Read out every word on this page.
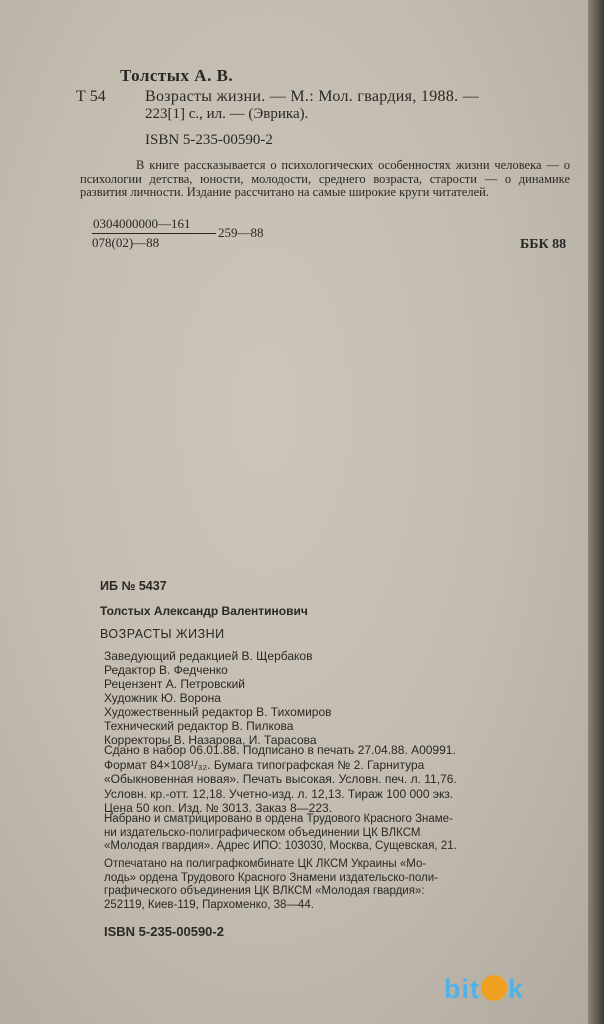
Толстых А. В.
Т 54 Возрасты жизни. — М.: Мол. гвардия, 1988. —
223[1] с., ил. — (Эврика).
ISBN 5-235-00590-2

В книге рассказывается о психологических особенностях жизни человека — о психологии детства, юности, молодости, среднего возраста, старости — о динамике развития личности. Издание рассчитано на самые широкие круги читателей.

0304000000—161
078(02)—88
259—88
ББК 88
ИБ № 5437
Толстых Александр Валентинович
ВОЗРАСТЫ ЖИЗНИ
Заведующий редакцией В. Щербаков
Редактор В. Федченко
Рецензент А. Петровский
Художник Ю. Ворона
Художественный редактор В. Тихомиров
Технический редактор В. Пилкова
Корректоры В. Назарова, И. Тарасова
Сдано в набор 06.01.88. Подписано в печать 27.04.88. А00991.
Формат 84×108¹/₃₂. Бумага типографская № 2. Гарнитура
«Обыкновенная новая». Печать высокая. Условн. печ. л. 11,76.
Условн. кр.-отт. 12,18. Учетно-изд. л. 12,13. Тираж 100 000 экз.
Цена 50 коп. Изд. № 3013. Заказ 8—223.
Набрано и сматрицировано в ордена Трудового Красного Знаме-
ни издательско-полиграфическом объединении ЦК ВЛКСМ
«Молодая гвардия». Адрес ИПО: 103030, Москва, Сущевская, 21.
Отпечатано на полиграфкомбинате ЦК ЛКСМ Украины «Мо-
лодь» ордена Трудового Красного Знамени издательско-поли-
графического объединения ЦК ВЛКСМ «Молодая гвардия»:
252119, Киев-119, Пархоменко, 38—44.
ISBN 5-235-00590-2
bit k
